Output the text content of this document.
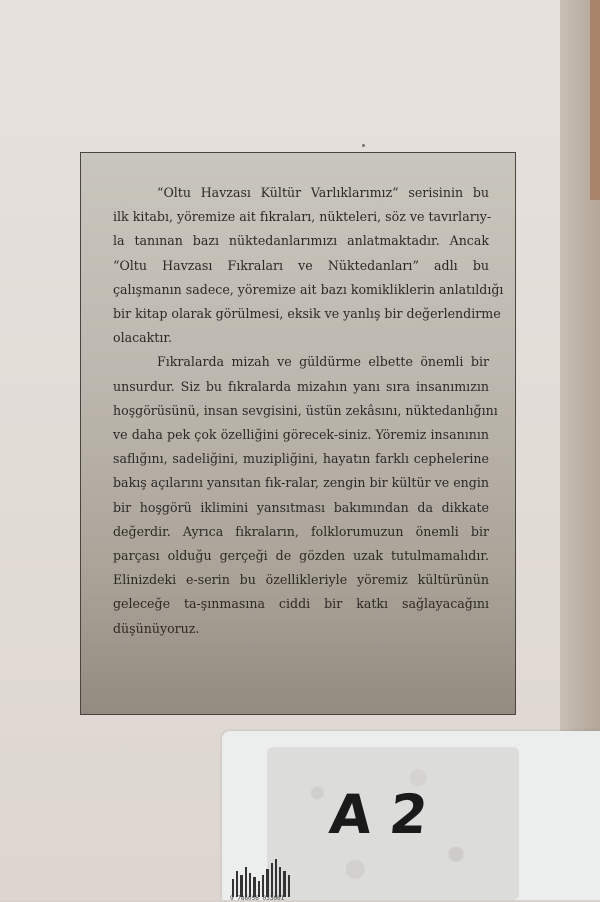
“Oltu Havzası Kültür Varlıklarımız” serisinin bu
ilk kitabı, yöremize ait fıkraları, nükteleri, söz ve tavırlarıy-
la tanınan bazı nüktedanlarımızı anlatmaktadır. Ancak
“Oltu Havzası Fıkraları ve Nüktedanları” adlı bu
çalışmanın sadece, yöremize ait bazı komikliklerin anlatıldığı
bir kitap olarak görülmesi, eksik ve yanlış bir değerlendirme
olacaktır.

Fıkralarda mizah ve güldürme elbette önemli bir
unsurdur. Siz bu fıkralarda mizahın yanı sıra insanımızın
hoşgörüsünü, insan sevgisini, üstün zekâsını, nüktedanlığını
ve daha pek çok özelliğini görecek-siniz. Yöremiz insanının
saflığını, sadeliğini, muzipliğini, hayatın farklı cephelerine
bakış açılarını yansıtan fık-ralar, zengin bir kültür ve engin
bir hoşgörü iklimini yansıtması bakımından da dikkate
değerdir. Ayrıca fıkraların, folklorumuzun önemli bir
parçası olduğu gerçeği de gözden uzak tutulmamalıdır.
Elinizdeki e-serin bu özellikleriyle yöremiz kültürünün
geleceğe ta-şınmasına ciddi bir katkı sağlayacağını
düşünüyoruz.

A2
9 786056 033001
